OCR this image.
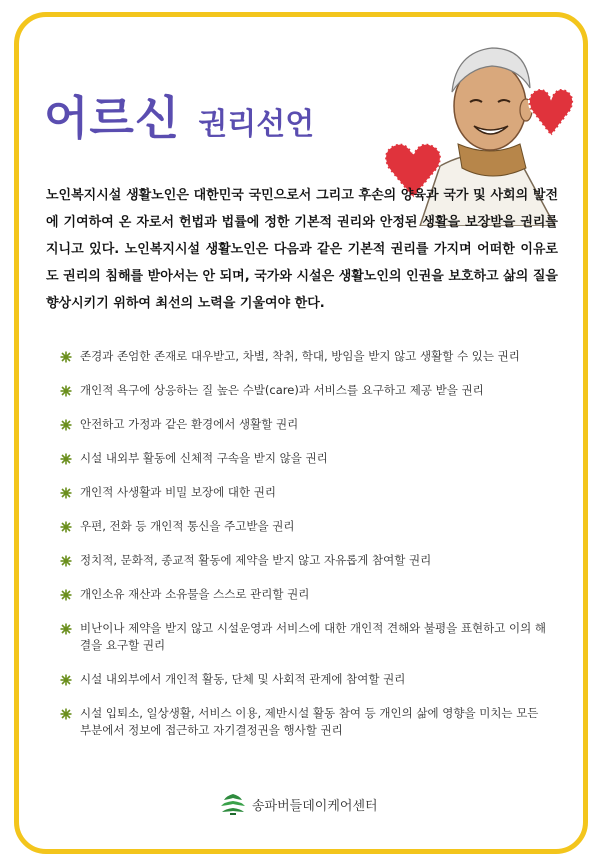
어르신 권리선언

노인복지시설 생활노인은 대한민국 국민으로서 그리고 후손의 양육과 국가 및 사회의 발전에 기여하여 온 자로서 헌법과 법률에 정한 기본적 권리와 안정된 생활을 보장받을 권리를 지니고 있다. 노인복지시설 생활노인은 다음과 같은 기본적 권리를 가지며 어떠한 이유로도 권리의 침해를 받아서는 안 되며, 국가와 시설은 생활노인의 인권을 보호하고 삶의 질을 향상시키기 위하여 최선의 노력을 기울여야 한다.

존경과 존엄한 존재로 대우받고, 차별, 착취, 학대, 방임을 받지 않고 생활할 수 있는 권리
개인적 욕구에 상응하는 질 높은 수발(care)과 서비스를 요구하고 제공 받을 권리
안전하고 가정과 같은 환경에서 생활할 권리
시설 내외부 활동에 신체적 구속을 받지 않을 권리
개인적 사생활과 비밀 보장에 대한 권리
우편, 전화 등 개인적 통신을 주고받을 권리
정치적, 문화적, 종교적 활동에 제약을 받지 않고 자유롭게 참여할 권리
개인소유 재산과 소유물을 스스로 관리할 권리
비난이나 제약을 받지 않고 시설운영과 서비스에 대한 개인적 견해와 불평을 표현하고 이의 해결을 요구할 권리
시설 내외부에서 개인적 활동, 단체 및 사회적 관계에 참여할 권리
시설 입퇴소, 일상생활, 서비스 이용, 제반시설 활동 참여 등 개인의 삶에 영향을 미치는 모든 부분에서 정보에 접근하고 자기결정권을 행사할 권리
송파버들데이케어센터
